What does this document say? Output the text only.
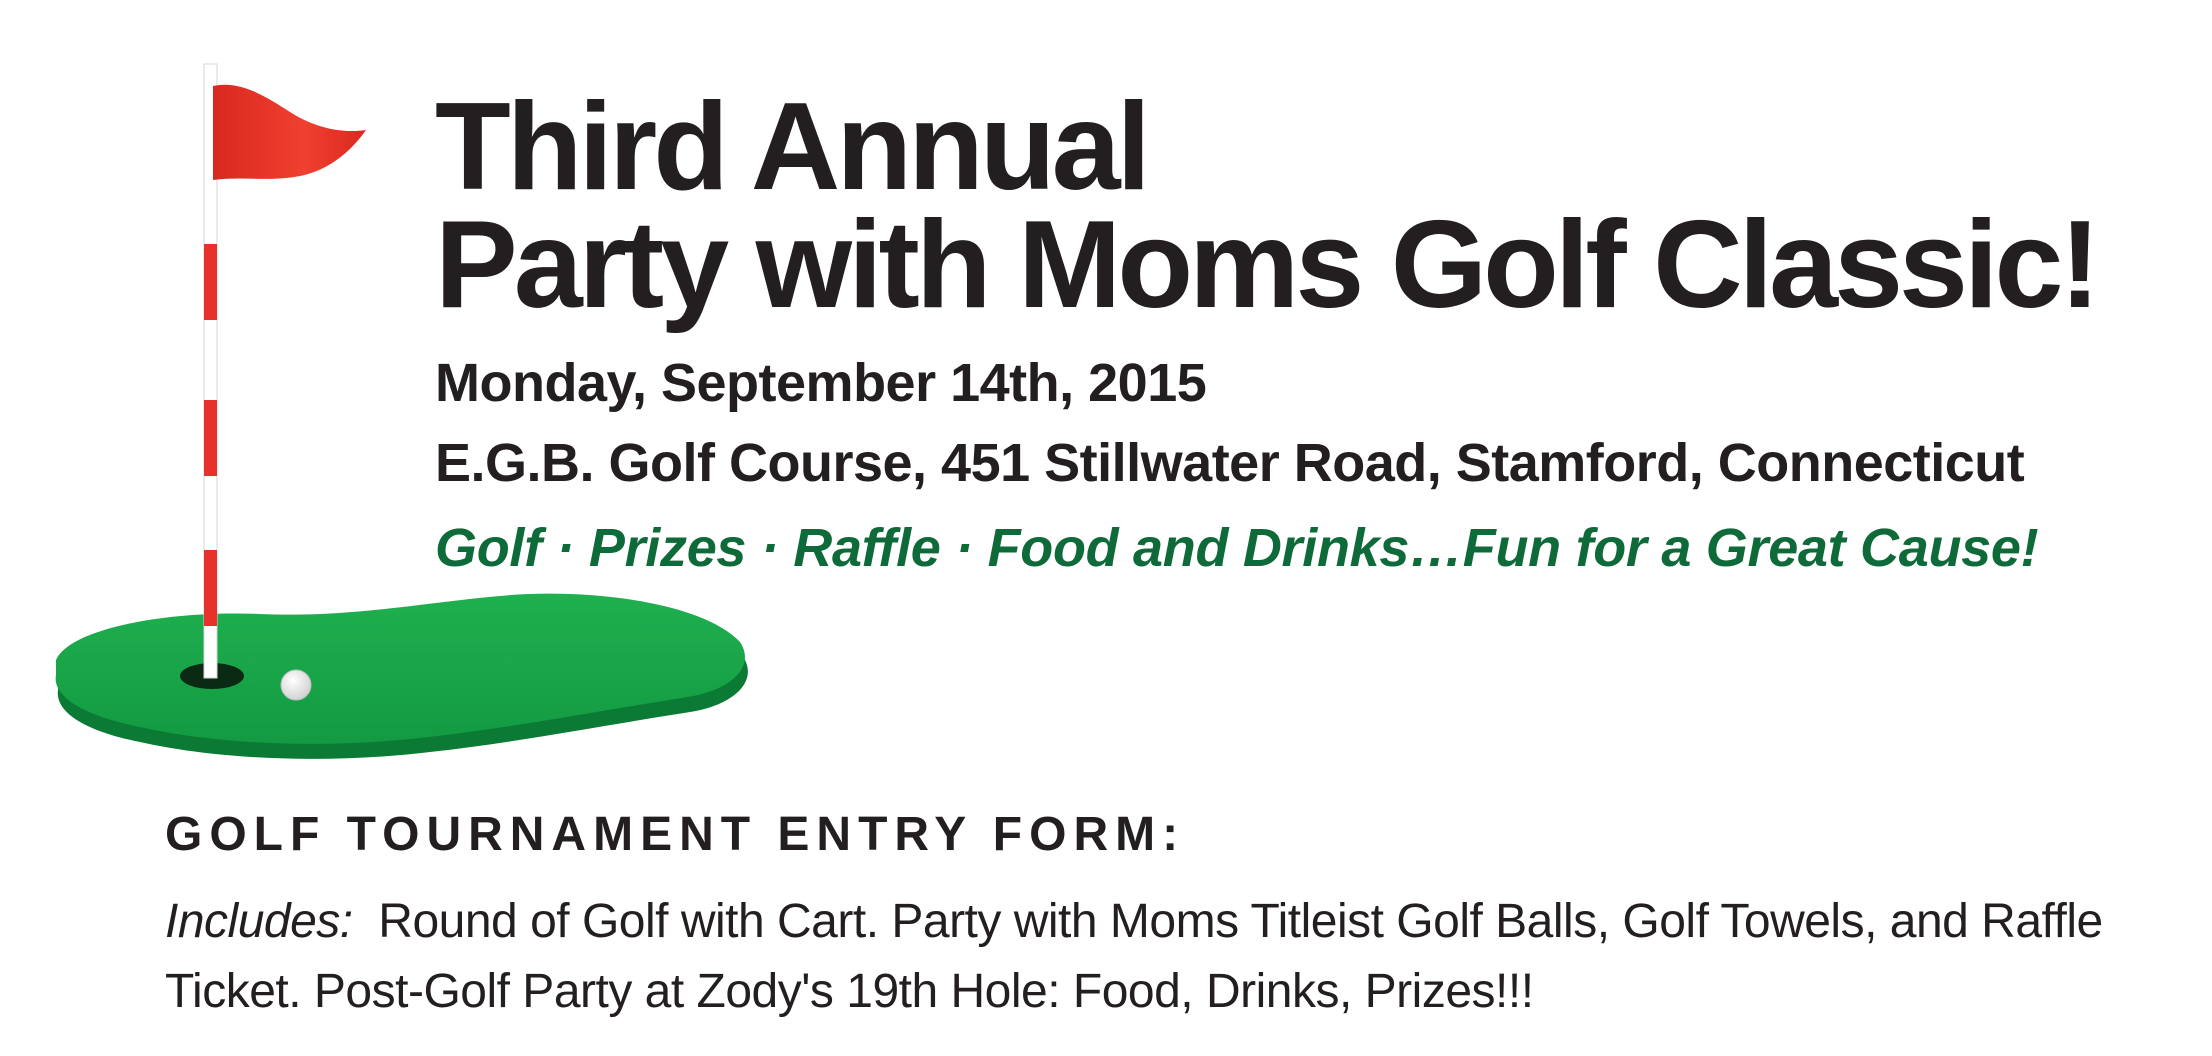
Third Annual
Party with Moms Golf Classic!
Monday, September 14th, 2015
E.G.B. Golf Course, 451 Stillwater Road, Stamford, Connecticut
Golf · Prizes · Raffle · Food and Drinks…Fun for a Great Cause!
GOLF TOURNAMENT ENTRY FORM:
Includes: Round of Golf with Cart. Party with Moms Titleist Golf Balls, Golf Towels, and Raffle Ticket. Post-Golf Party at Zody's 19th Hole: Food, Drinks, Prizes!!!
